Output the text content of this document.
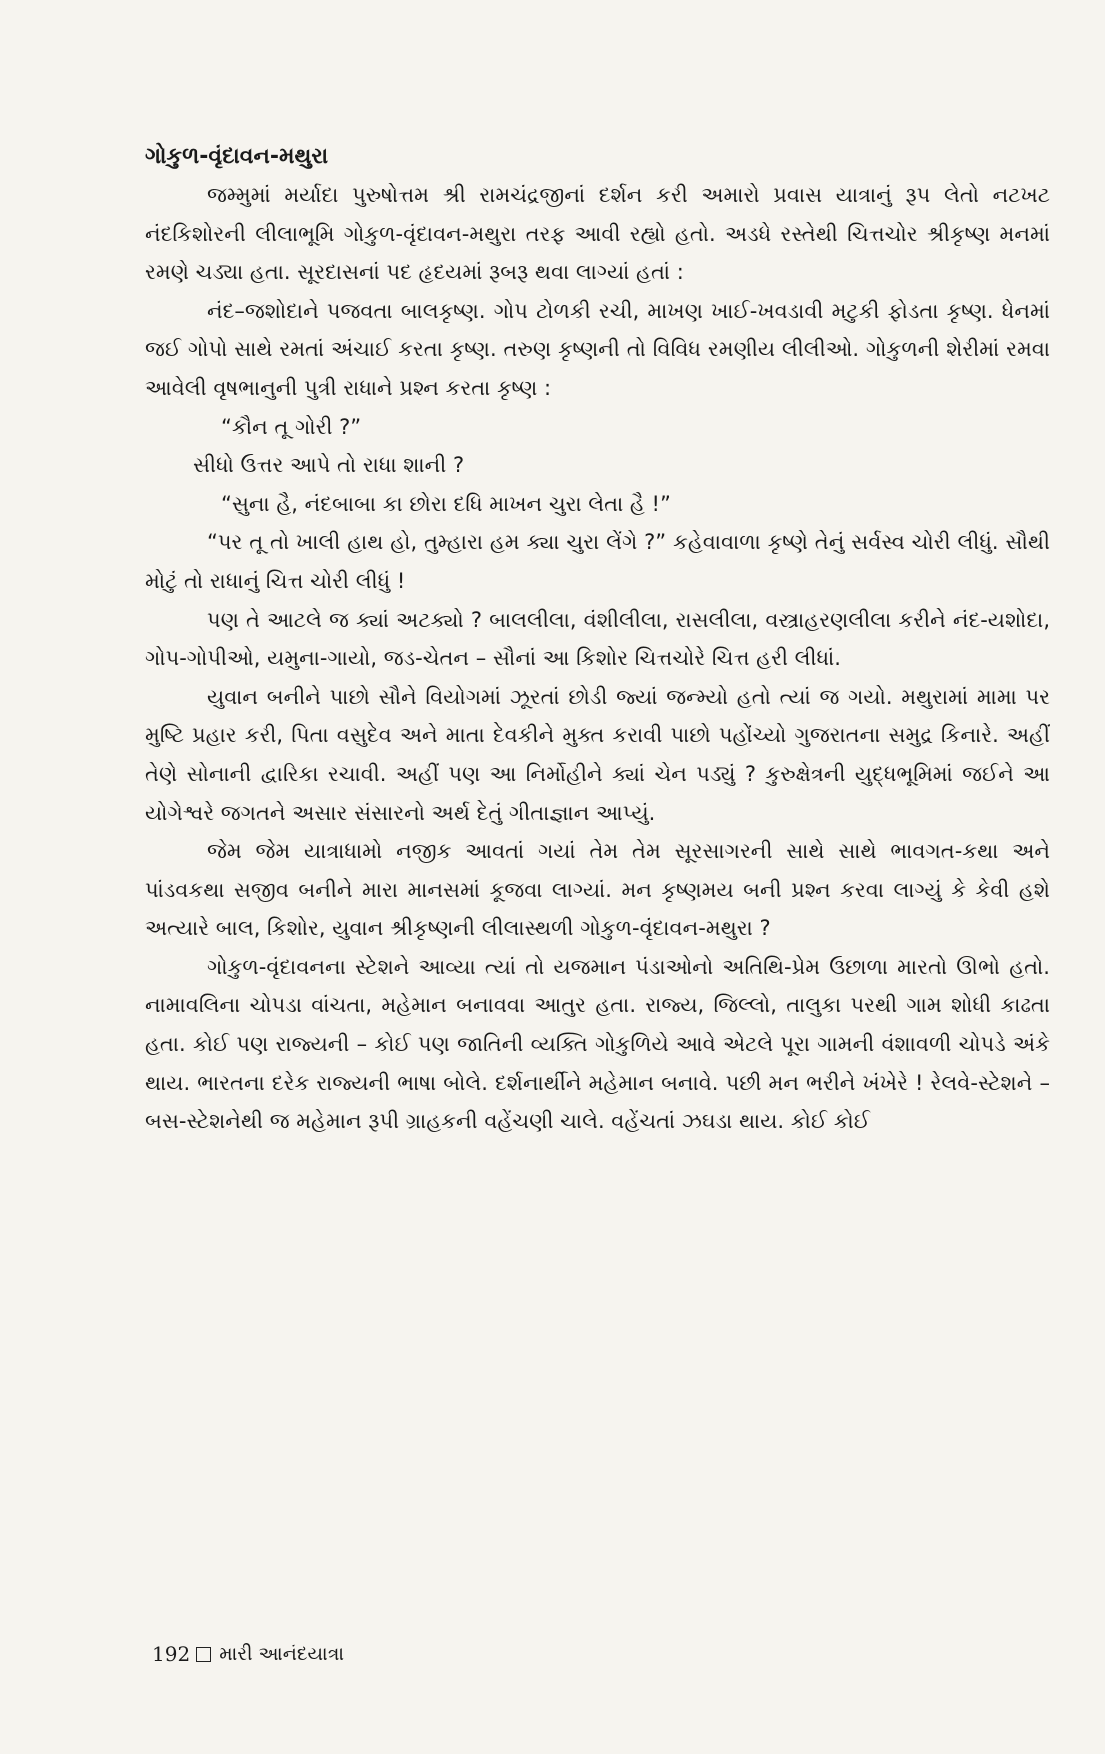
ગોકુળ-વૃંદાવન-મથુરા

જમ્મુમાં મર્યાદા પુરુષોત્તમ શ્રી રામચંદ્રજીનાં દર્શન કરી અમારો પ્રવાસ યાત્રાનું રૂપ લેતો નટખટ નંદકિશોરની લીલાભૂમિ ગોકુળ-વૃંદાવન-મથુરા તરફ આવી રહ્યો હતો. અડધે રસ્તેથી ચિત્તચોર શ્રીકૃષ્ણ મનમાં રમણે ચડ્યા હતા. સૂરદાસનાં પદ હૃદયમાં રૂબરૂ થવા લાગ્યાં હતાં :

નંદ–જશોદાને પજવતા બાલકૃષ્ણ. ગોપ ટોળકી રચી, માખણ ખાઈ-ખવડાવી મટુકી ફોડતા કૃષ્ણ. ધેનમાં જઈ ગોપો સાથે રમતાં અંચાઈ કરતા કૃષ્ણ. તરુણ કૃષ્ણની તો વિવિધ રમણીય લીલીઓ. ગોકુળની શેરીમાં રમવા આવેલી વૃષભાનુની પુત્રી રાધાને પ્રશ્ન કરતા કૃષ્ણ :

“કૌન તૂ ગોરી ?”

સીધો ઉત્તર આપે તો રાધા શાની ?

“સુના હૈ, નંદબાબા કા છોરા દધિ માખન ચુરા લેતા હૈ !”

“પર તૂ તો ખાલી હાથ હો, તુમ્હારા હમ ક્યા ચુરા લેંગે ?” કહેવાવાળા કૃષ્ણે તેનું સર્વસ્વ ચોરી લીધું. સૌથી મોટું તો રાધાનું ચિત્ત ચોરી લીધું !

પણ તે આટલે જ ક્યાં અટક્યો ? બાલલીલા, વંશીલીલા, રાસલીલા, વસ્ત્રાહરણલીલા કરીને નંદ-યશોદા, ગોપ-ગોપીઓ, યમુના-ગાયો, જડ-ચેતન – સૌનાં આ કિશોર ચિત્તચોરે ચિત્ત હરી લીધાં.

યુવાન બનીને પાછો સૌને વિયોગમાં ઝૂરતાં છોડી જ્યાં જન્મ્યો હતો ત્યાં જ ગયો. મથુરામાં મામા પર મુષ્ટિ પ્રહાર કરી, પિતા વસુદેવ અને માતા દેવકીને મુક્ત કરાવી પાછો પહોંચ્યો ગુજરાતના સમુદ્ર કિનારે. અહીં તેણે સોનાની દ્વારિકા રચાવી. અહીં પણ આ નિર્મોહીને ક્યાં ચેન પડ્યું ? કુરુક્ષેત્રની યુદ્ધભૂમિમાં જઈને આ યોગેશ્વરે જગતને અસાર સંસારનો અર્થ દેતું ગીતાજ્ઞાન આપ્યું.

જેમ જેમ યાત્રાધામો નજીક આવતાં ગયાં તેમ તેમ સૂરસાગરની સાથે સાથે ભાવગત-કથા અને પાંડવકથા સજીવ બનીને મારા માનસમાં કૂજવા લાગ્યાં. મન કૃષ્ણમય બની પ્રશ્ન કરવા લાગ્યું કે કેવી હશે અત્યારે બાલ, કિશોર, યુવાન શ્રીકૃષ્ણની લીલાસ્થળી ગોકુળ-વૃંદાવન-મથુરા ?

ગોકુળ-વૃંદાવનના સ્ટેશને આવ્યા ત્યાં તો યજમાન પંડાઓનો અતિથિ-પ્રેમ ઉછાળા મારતો ઊભો હતો. નામાવલિના ચોપડા વાંચતા, મહેમાન બનાવવા આતુર હતા. રાજ્ય, જિલ્લો, તાલુકા પરથી ગામ શોધી કાઢતા હતા. કોઈ પણ રાજ્યની – કોઈ પણ જાતિની વ્યક્તિ ગોકુળિયે આવે એટલે પૂરા ગામની વંશાવળી ચોપડે અંકે થાય. ભારતના દરેક રાજ્યની ભાષા બોલે. દર્શનાર્થીને મહેમાન બનાવે. પછી મન ભરીને ખંખેરે ! રેલવે-સ્ટેશને – બસ-સ્ટેશનેથી જ મહેમાન રૂપી ગ્રાહકની વહેંચણી ચાલે. વહેંચતાં ઝઘડા થાય. કોઈ કોઈ

192 મારી આનંદયાત્રા
